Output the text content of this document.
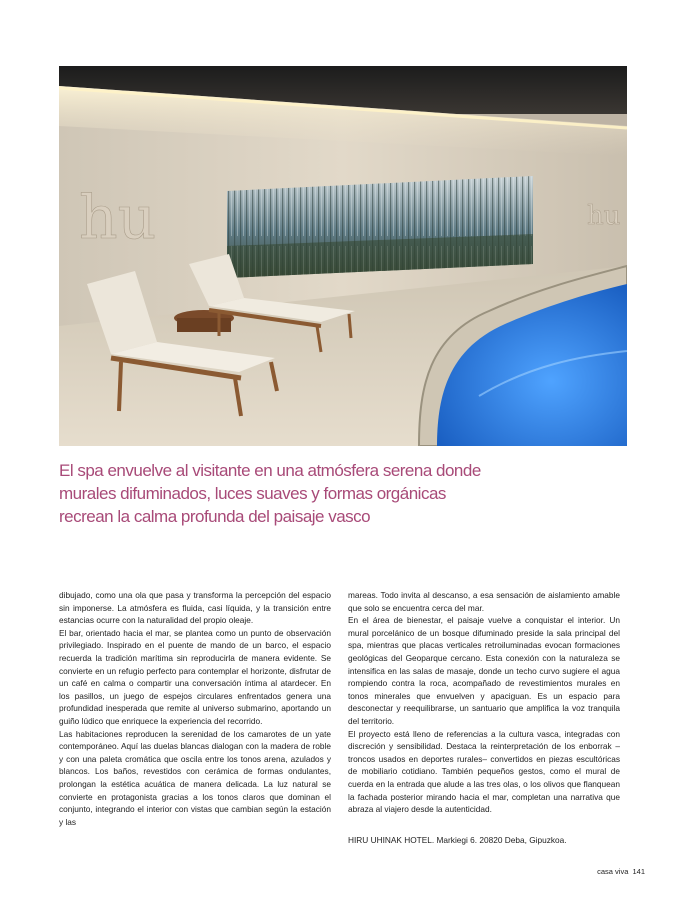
hu	hu
El spa envuelve al visitante en una atmósfera serena donde
murales difuminados, luces suaves y formas orgánicas
recrean la calma profunda del paisaje vasco

dibujado, como una ola que pasa y transforma la percepción del espacio sin imponerse. La atmósfera es fluida, casi líquida, y la transición entre estancias ocurre con la naturalidad del propio oleaje.

El bar, orientado hacia el mar, se plantea como un punto de observación privilegiado. Inspirado en el puente de mando de un barco, el espacio recuerda la tradición marítima sin reproducirla de manera evidente. Se convierte en un refugio perfecto para contemplar el horizonte, disfrutar de un café en calma o compartir una conversación íntima al atardecer. En los pasillos, un juego de espejos circulares enfrentados genera una profundidad inesperada que remite al universo submarino, aportando un guiño lúdico que enriquece la experiencia del recorrido.

Las habitaciones reproducen la serenidad de los camarotes de un yate contemporáneo. Aquí las duelas blancas dialogan con la madera de roble y con una paleta cromática que oscila entre los tonos arena, azulados y blancos. Los baños, revestidos con cerámica de formas ondulantes, prolongan la estética acuática de manera delicada. La luz natural se convierte en protagonista gracias a los tonos claros que dominan el conjunto, integrando el interior con vistas que cambian según la estación y las

mareas. Todo invita al descanso, a esa sensación de aislamiento amable que solo se encuentra cerca del mar.

En el área de bienestar, el paisaje vuelve a conquistar el interior. Un mural porcelánico de un bosque difuminado preside la sala principal del spa, mientras que placas verticales retroiluminadas evocan formaciones geológicas del Geoparque cercano. Esta conexión con la naturaleza se intensifica en las salas de masaje, donde un techo curvo sugiere el agua rompiendo contra la roca, acompañado de revestimientos murales en tonos minerales que envuelven y apaciguan. Es un espacio para desconectar y reequilibrarse, un santuario que amplifica la voz tranquila del territorio.

El proyecto está lleno de referencias a la cultura vasca, integradas con discreción y sensibilidad. Destaca la reinterpretación de los enborrak –troncos usados en deportes rurales– convertidos en piezas escultóricas de mobiliario cotidiano. También pequeños gestos, como el mural de cuerda en la entrada que alude a las tres olas, o los olivos que flanquean la fachada posterior mirando hacia el mar, completan una narrativa que abraza al viajero desde la autenticidad.

HIRU UHINAK HOTEL. Markiegi 6. 20820 Deba, Gipuzkoa.

casa viva 141
